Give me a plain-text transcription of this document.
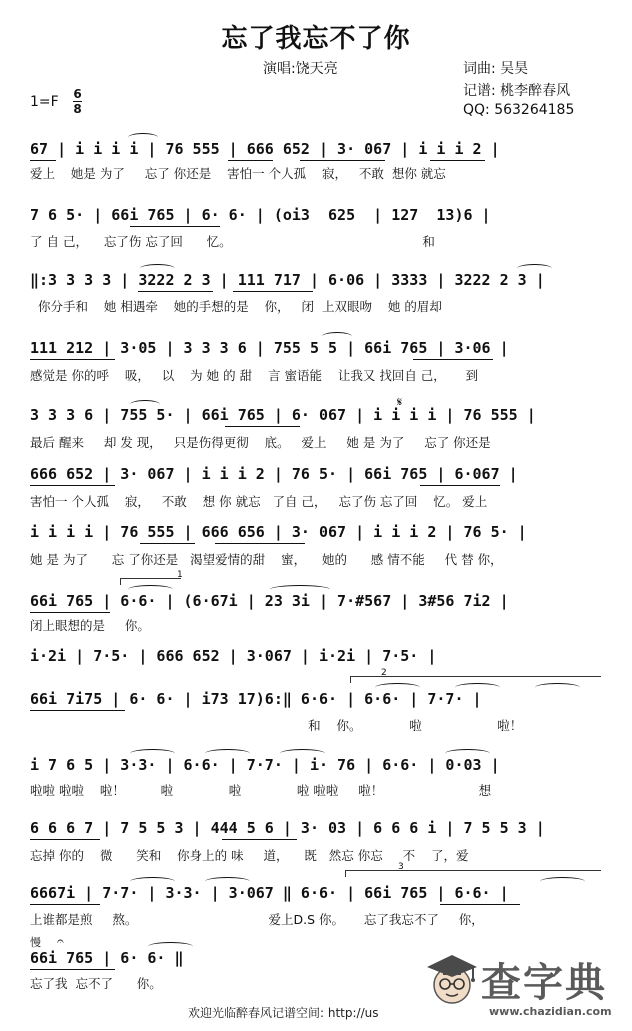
忘了我忘不了你
演唱:饶天亮	词曲: 吴昊
记谱: 桃李醉春风
QQ: 563264185
1=F 6
8
67 | i i i i | 76 555 | 666 652 | 3· 067 | i i i 2 |
爱上    她是 为了     忘了 你还是    害怕一 个人孤    寂，   不敢  想你 就忘
7 6 5· | 66i 765 | 6· 6· | (oi3  625  | 127  13)6 |
了 自 己，    忘了伤 忘了回      忆。                                                和
‖:3 3 3 3 | 3222 2 3 | 111 717 | 6·06 | 3333 | 3222 2 3 |
你分手和    她 相遇牵    她的手想的是    你，   闭  上双眼吻    她 的眉却
111 212 | 3·05 | 3 3 3 6 | 755 5 5 | 66i 765 | 3·06 |
感觉是 你的呼    吸，   以    为 她 的 甜    言 蜜语能    让我又 找回自 己，     到
3 3 3 6 | 755 5· | 66i 765 | 6· 067 | i i i i | 76 555 |
最后 醒来     却 发 现，   只是伤得更彻    底。   爱上     她 是 为了     忘了 你还是
𝄋
666 652 | 3· 067 | i i i 2 | 76 5· | 66i 765 | 6·067 |
害怕一 个人孤    寂，   不敢    想 你 就忘   了自 己，   忘了伤 忘了回    忆。 爱上
i i i i | 76 555 | 666 656 | 3· 067 | i i i 2 | 76 5· |
她 是 为了      忘 了你还是   渴望爱情的甜    蜜，    她的      感 情不能     代 替 你，
1
66i 765 | 6·6· | (6·67i | 23 3i | 7·#567 | 3#56 7i2 |
闭上眼想的是     你。
i·2i | 7·5· | 666 652 | 3·067 | i·2i | 7·5· |
2
66i 7i75 | 6· 6· | i73 17)6:‖ 6·6· | 6·6· | 7·7· |
和    你。            啦                   啦！
i 7 6 5 | 3·3· | 6·6· | 7·7· | i· 76 | 6·6· | 0·03 |
啦啦 啦啦    啦！         啦              啦              啦 啦啦     啦！                        想
6 6 6 7 | 7 5 5 3 | 444 5 6 | 3· 03 | 6 6 6 i | 7 5 5 3 |
忘掉 你的    微      笑和    你身上的 味     道，    既   然忘 你忘     不    了，爱
3
6667i | 7·7· | 3·3· | 3·067 ‖ 6·6· | 66i 765 | 6·6· |
上谁都是煎     熬。                                 爱上D.S 你。     忘了我忘不了     你，
慢 𝄐
66i 765 | 6· 6· ‖
忘了我  忘不了      你。
欢迎光临醉春风记谱空间: http://us
查字典
www.chazidian.com
